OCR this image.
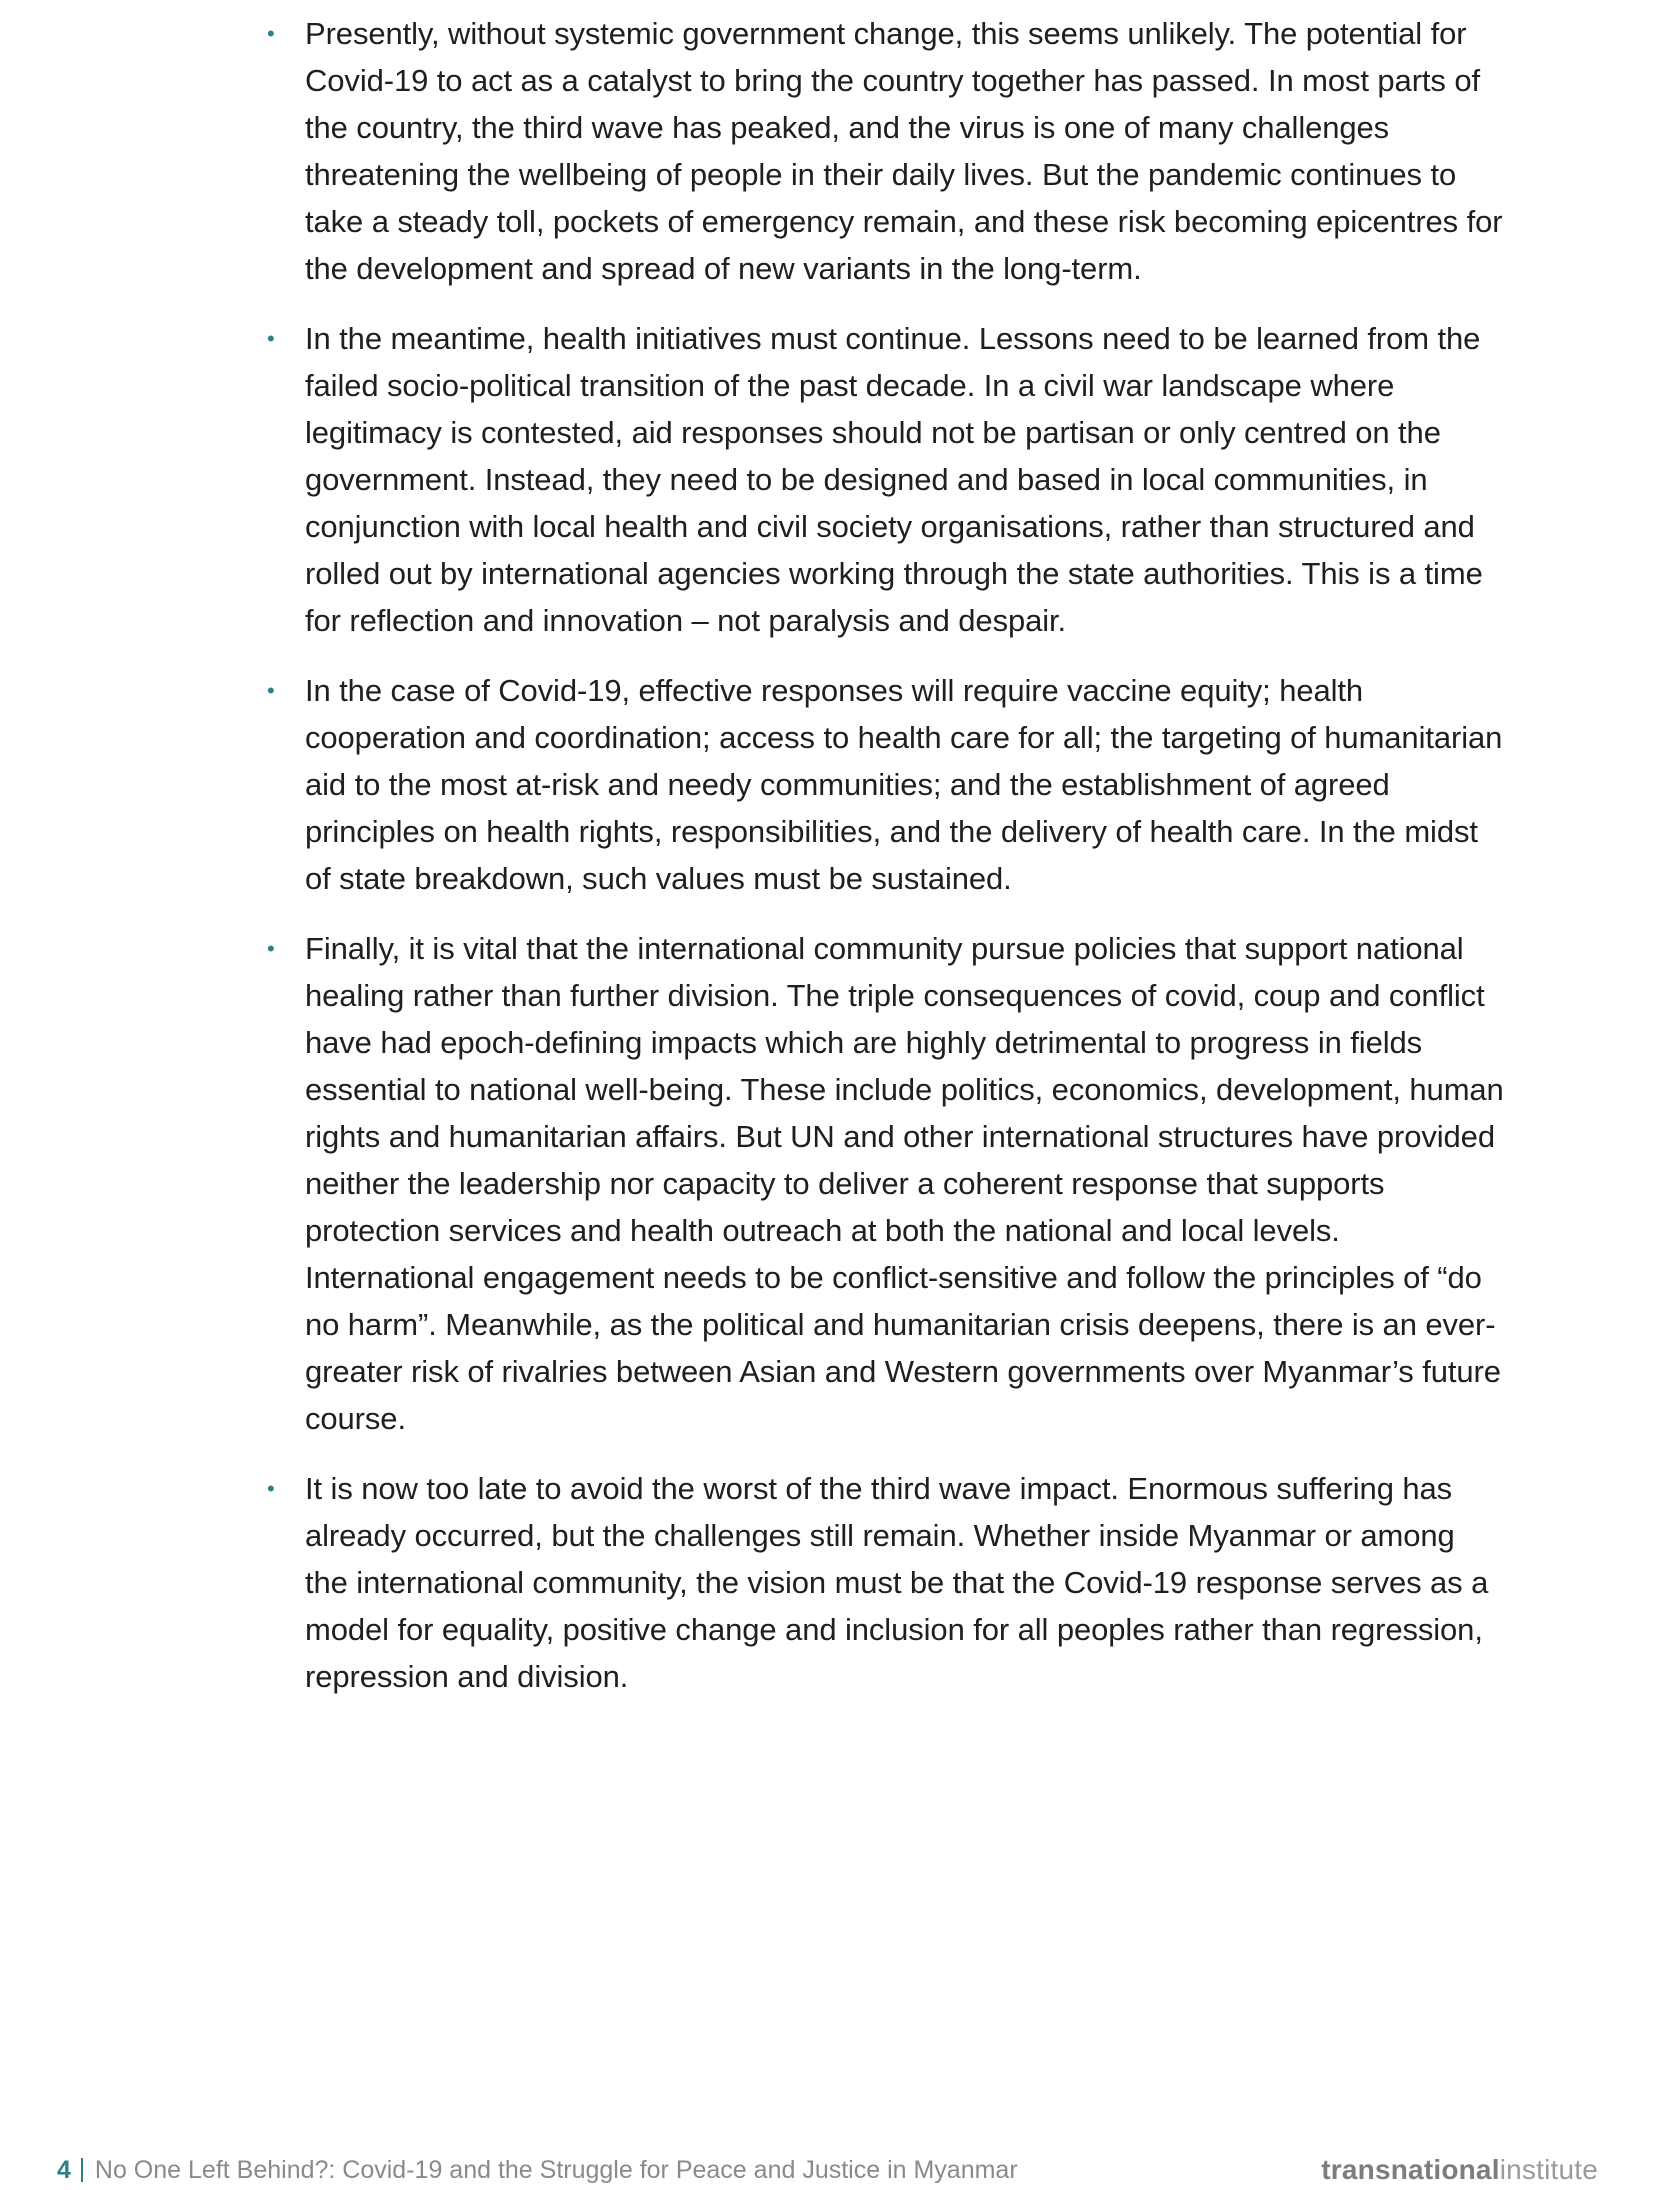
• Presently, without systemic government change, this seems unlikely. The potential for Covid-19 to act as a catalyst to bring the country together has passed. In most parts of the country, the third wave has peaked, and the virus is one of many challenges threatening the wellbeing of people in their daily lives. But the pandemic continues to take a steady toll, pockets of emergency remain, and these risk becoming epicentres for the development and spread of new variants in the long-term.
• In the meantime, health initiatives must continue. Lessons need to be learned from the failed socio-political transition of the past decade. In a civil war landscape where legitimacy is contested, aid responses should not be partisan or only centred on the government. Instead, they need to be designed and based in local communities, in conjunction with local health and civil society organisations, rather than structured and rolled out by international agencies working through the state authorities. This is a time for reflection and innovation – not paralysis and despair.
• In the case of Covid-19, effective responses will require vaccine equity; health cooperation and coordination; access to health care for all; the targeting of humanitarian aid to the most at-risk and needy communities; and the establishment of agreed principles on health rights, responsibilities, and the delivery of health care. In the midst of state breakdown, such values must be sustained.
• Finally, it is vital that the international community pursue policies that support national healing rather than further division. The triple consequences of covid, coup and conflict have had epoch-defining impacts which are highly detrimental to progress in fields essential to national well-being. These include politics, economics, development, human rights and humanitarian affairs. But UN and other international structures have provided neither the leadership nor capacity to deliver a coherent response that supports protection services and health outreach at both the national and local levels. International engagement needs to be conflict-sensitive and follow the principles of “do no harm”. Meanwhile, as the political and humanitarian crisis deepens, there is an ever-greater risk of rivalries between Asian and Western governments over Myanmar’s future course.
• It is now too late to avoid the worst of the third wave impact. Enormous suffering has already occurred, but the challenges still remain. Whether inside Myanmar or among the international community, the vision must be that the Covid-19 response serves as a model for equality, positive change and inclusion for all peoples rather than regression, repression and division.
4 No One Left Behind?: Covid-19 and the Struggle for Peace and Justice in Myanmar	transnationalinstitute
